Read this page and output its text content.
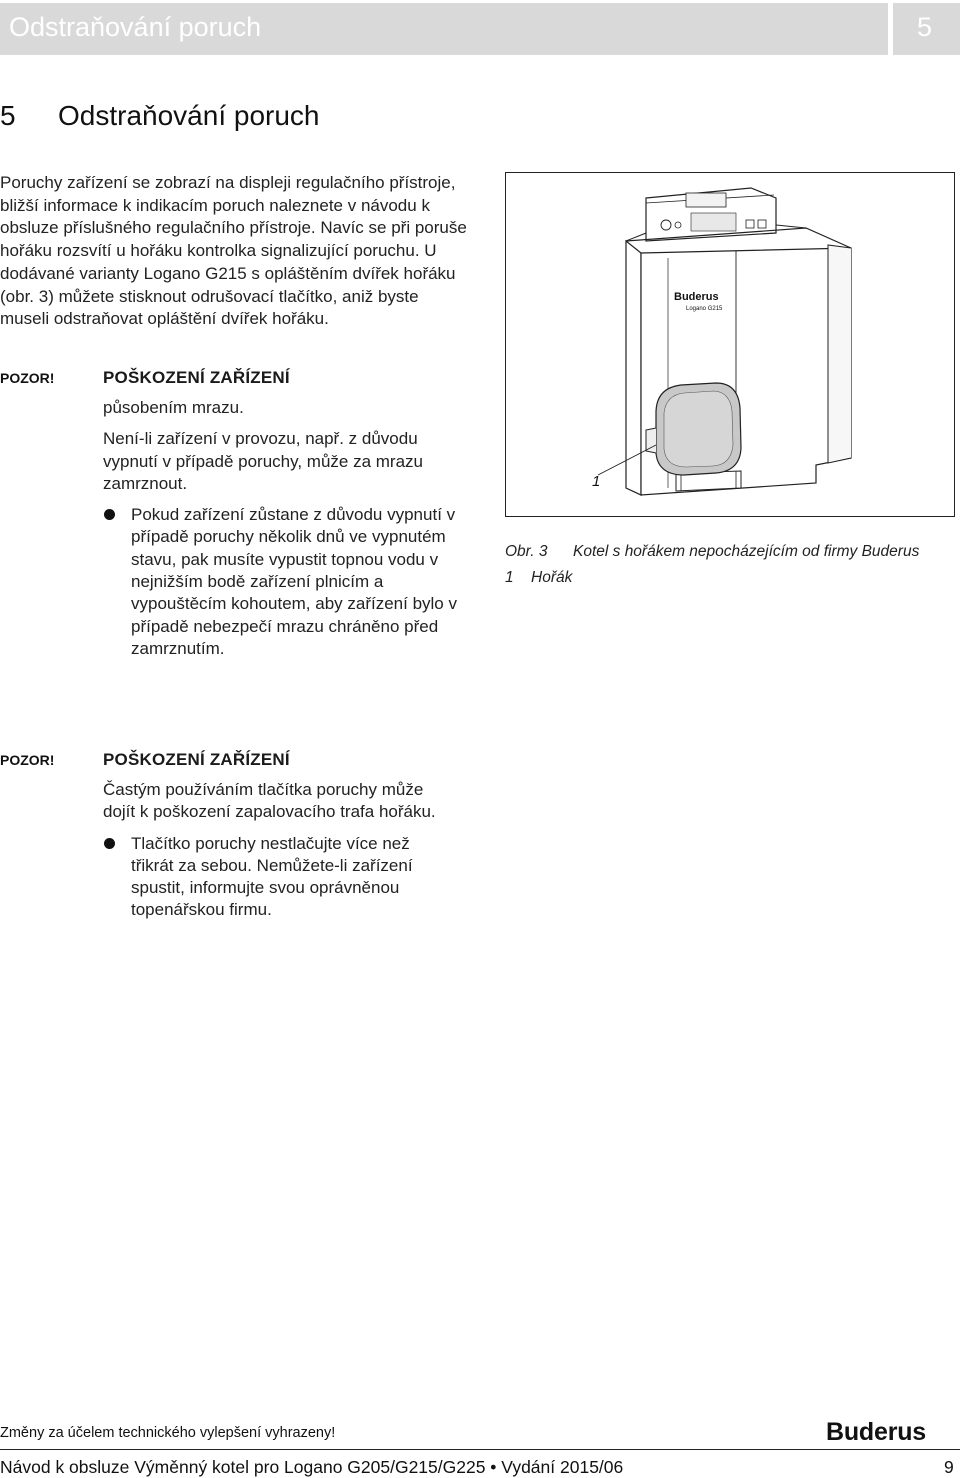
Odstraňování poruch	5
5 Odstraňování poruch
Poruchy zařízení se zobrazí na displeji regulačního přístroje, bližší informace k indikacím poruch naleznete v návodu k obsluze příslušného regulačního přístroje. Navíc se při poruše hořáku rozsvítí u hořáku kontrolka signalizující poruchu. U dodávané varianty Logano G215 s opláštěním dvířek hořáku (obr. 3) můžete stisknout odrušovací tlačítko, aniž byste museli odstraňovat opláštění dvířek hořáku.
POZOR!	POŠKOZENÍ ZAŘÍZENÍ
působením mrazu.
Není-li zařízení v provozu, např. z důvodu vypnutí v případě poruchy, může za mrazu zamrznout.
Pokud zařízení zůstane z důvodu vypnutí v případě poruchy několik dnů ve vypnutém stavu, pak musíte vypustit topnou vodu v nejnižším bodě zařízení plnicím a vypouštěcím kohoutem, aby zařízení bylo v případě nebezpečí mrazu chráněno před zamrznutím.
Buderus
Logano G215
1
Obr. 3 Kotel s hořákem nepocházejícím od firmy Buderus
1 Hořák
POZOR!	POŠKOZENÍ ZAŘÍZENÍ
Častým používáním tlačítka poruchy může dojít k poškození zapalovacího trafa hořáku.
Tlačítko poruchy nestlačujte více než třikrát za sebou. Nemůžete-li zařízení spustit, informujte svou oprávněnou topenářskou firmu.
Změny za účelem technického vylepšení vyhrazeny!	Buderus
Návod k obsluze Výměnný kotel pro Logano G205/G215/G225 • Vydání 2015/06	9
